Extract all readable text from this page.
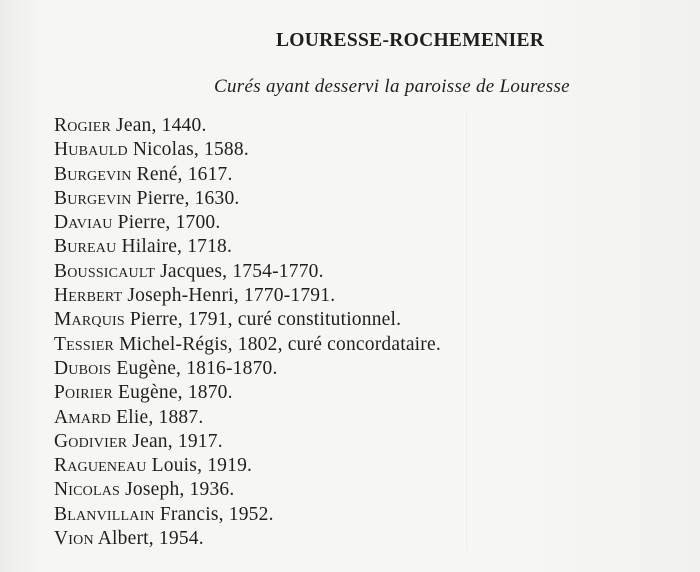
LOURESSE-ROCHEMENIER
Curés ayant desservi la paroisse de Louresse
Rogier Jean, 1440.
Hubauld Nicolas, 1588.
Burgevin René, 1617.
Burgevin Pierre, 1630.
Daviau Pierre, 1700.
Bureau Hilaire, 1718.
Boussicault Jacques, 1754-1770.
Herbert Joseph-Henri, 1770-1791.
Marquis Pierre, 1791, curé constitutionnel.
Tessier Michel-Régis, 1802, curé concordataire.
Dubois Eugène, 1816-1870.
Poirier Eugène, 1870.
Amard Elie, 1887.
Godivier Jean, 1917.
Ragueneau Louis, 1919.
Nicolas Joseph, 1936.
Blanvillain Francis, 1952.
Vion Albert, 1954.
